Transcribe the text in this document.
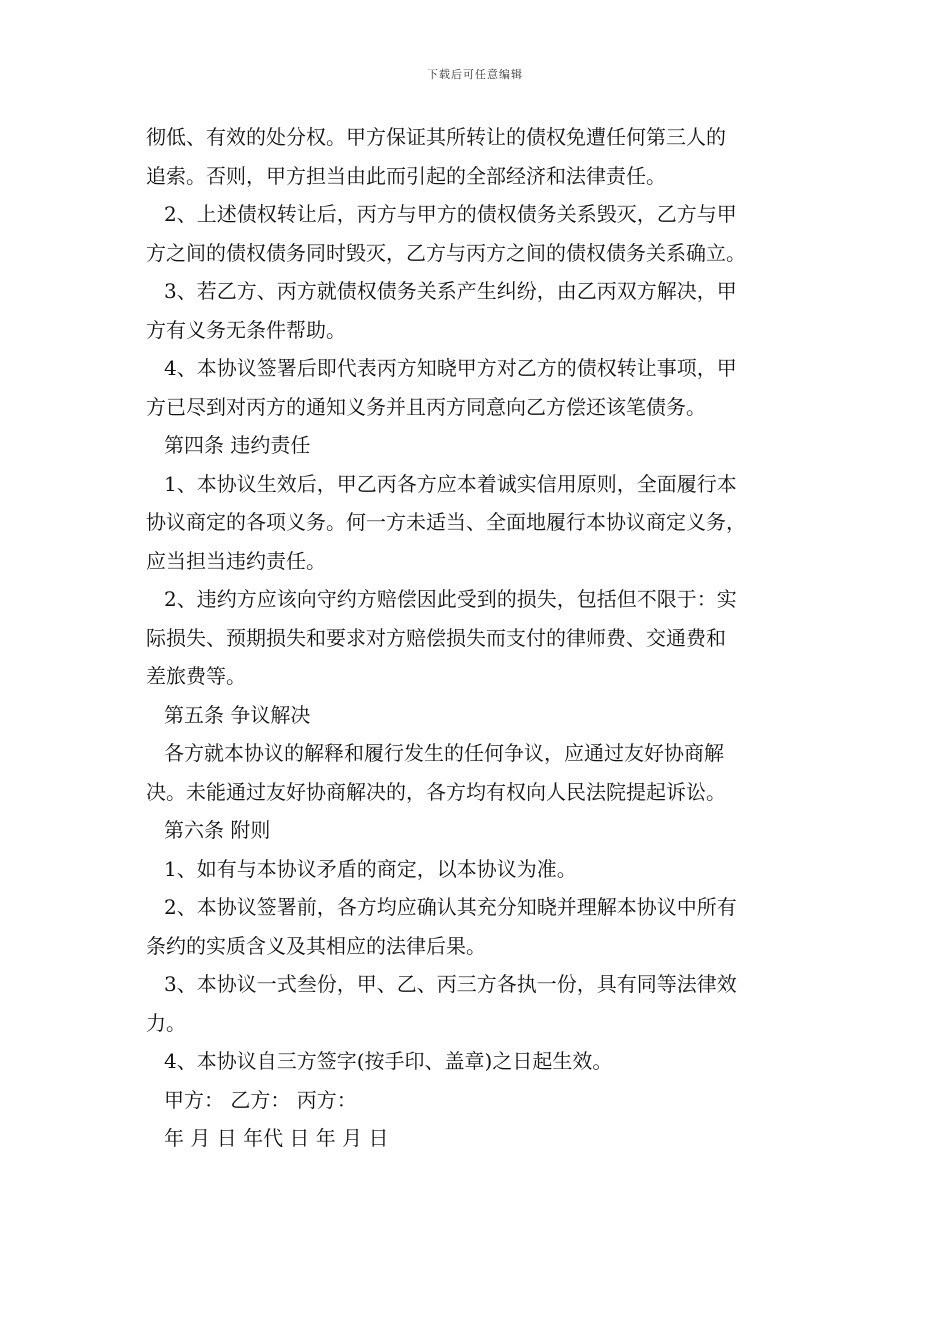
下载后可任意编辑
彻低、有效的处分权。甲方保证其所转让的债权免遭任何第三人的
追索。否则，甲方担当由此而引起的全部经济和法律责任。
2、上述债权转让后，丙方与甲方的债权债务关系毁灭，乙方与甲
方之间的债权债务同时毁灭，乙方与丙方之间的债权债务关系确立。
3、若乙方、丙方就债权债务关系产生纠纷，由乙丙双方解决，甲
方有义务无条件帮助。
4、本协议签署后即代表丙方知晓甲方对乙方的债权转让事项，甲
方已尽到对丙方的通知义务并且丙方同意向乙方偿还该笔债务。
第四条 违约责任
1、本协议生效后，甲乙丙各方应本着诚实信用原则，全面履行本
协议商定的各项义务。何一方未适当、全面地履行本协议商定义务，
应当担当违约责任。
2、违约方应该向守约方赔偿因此受到的损失，包括但不限于：实
际损失、预期损失和要求对方赔偿损失而支付的律师费、交通费和
差旅费等。
第五条 争议解决
各方就本协议的解释和履行发生的任何争议，应通过友好协商解
决。未能通过友好协商解决的，各方均有权向人民法院提起诉讼。
第六条 附则
1、如有与本协议矛盾的商定，以本协议为准。
2、本协议签署前，各方均应确认其充分知晓并理解本协议中所有
条约的实质含义及其相应的法律后果。
3、本协议一式叁份，甲、乙、丙三方各执一份，具有同等法律效
力。
4、本协议自三方签字(按手印、盖章)之日起生效。
甲方： 乙方： 丙方：
年 月 日 年代 日 年 月 日
